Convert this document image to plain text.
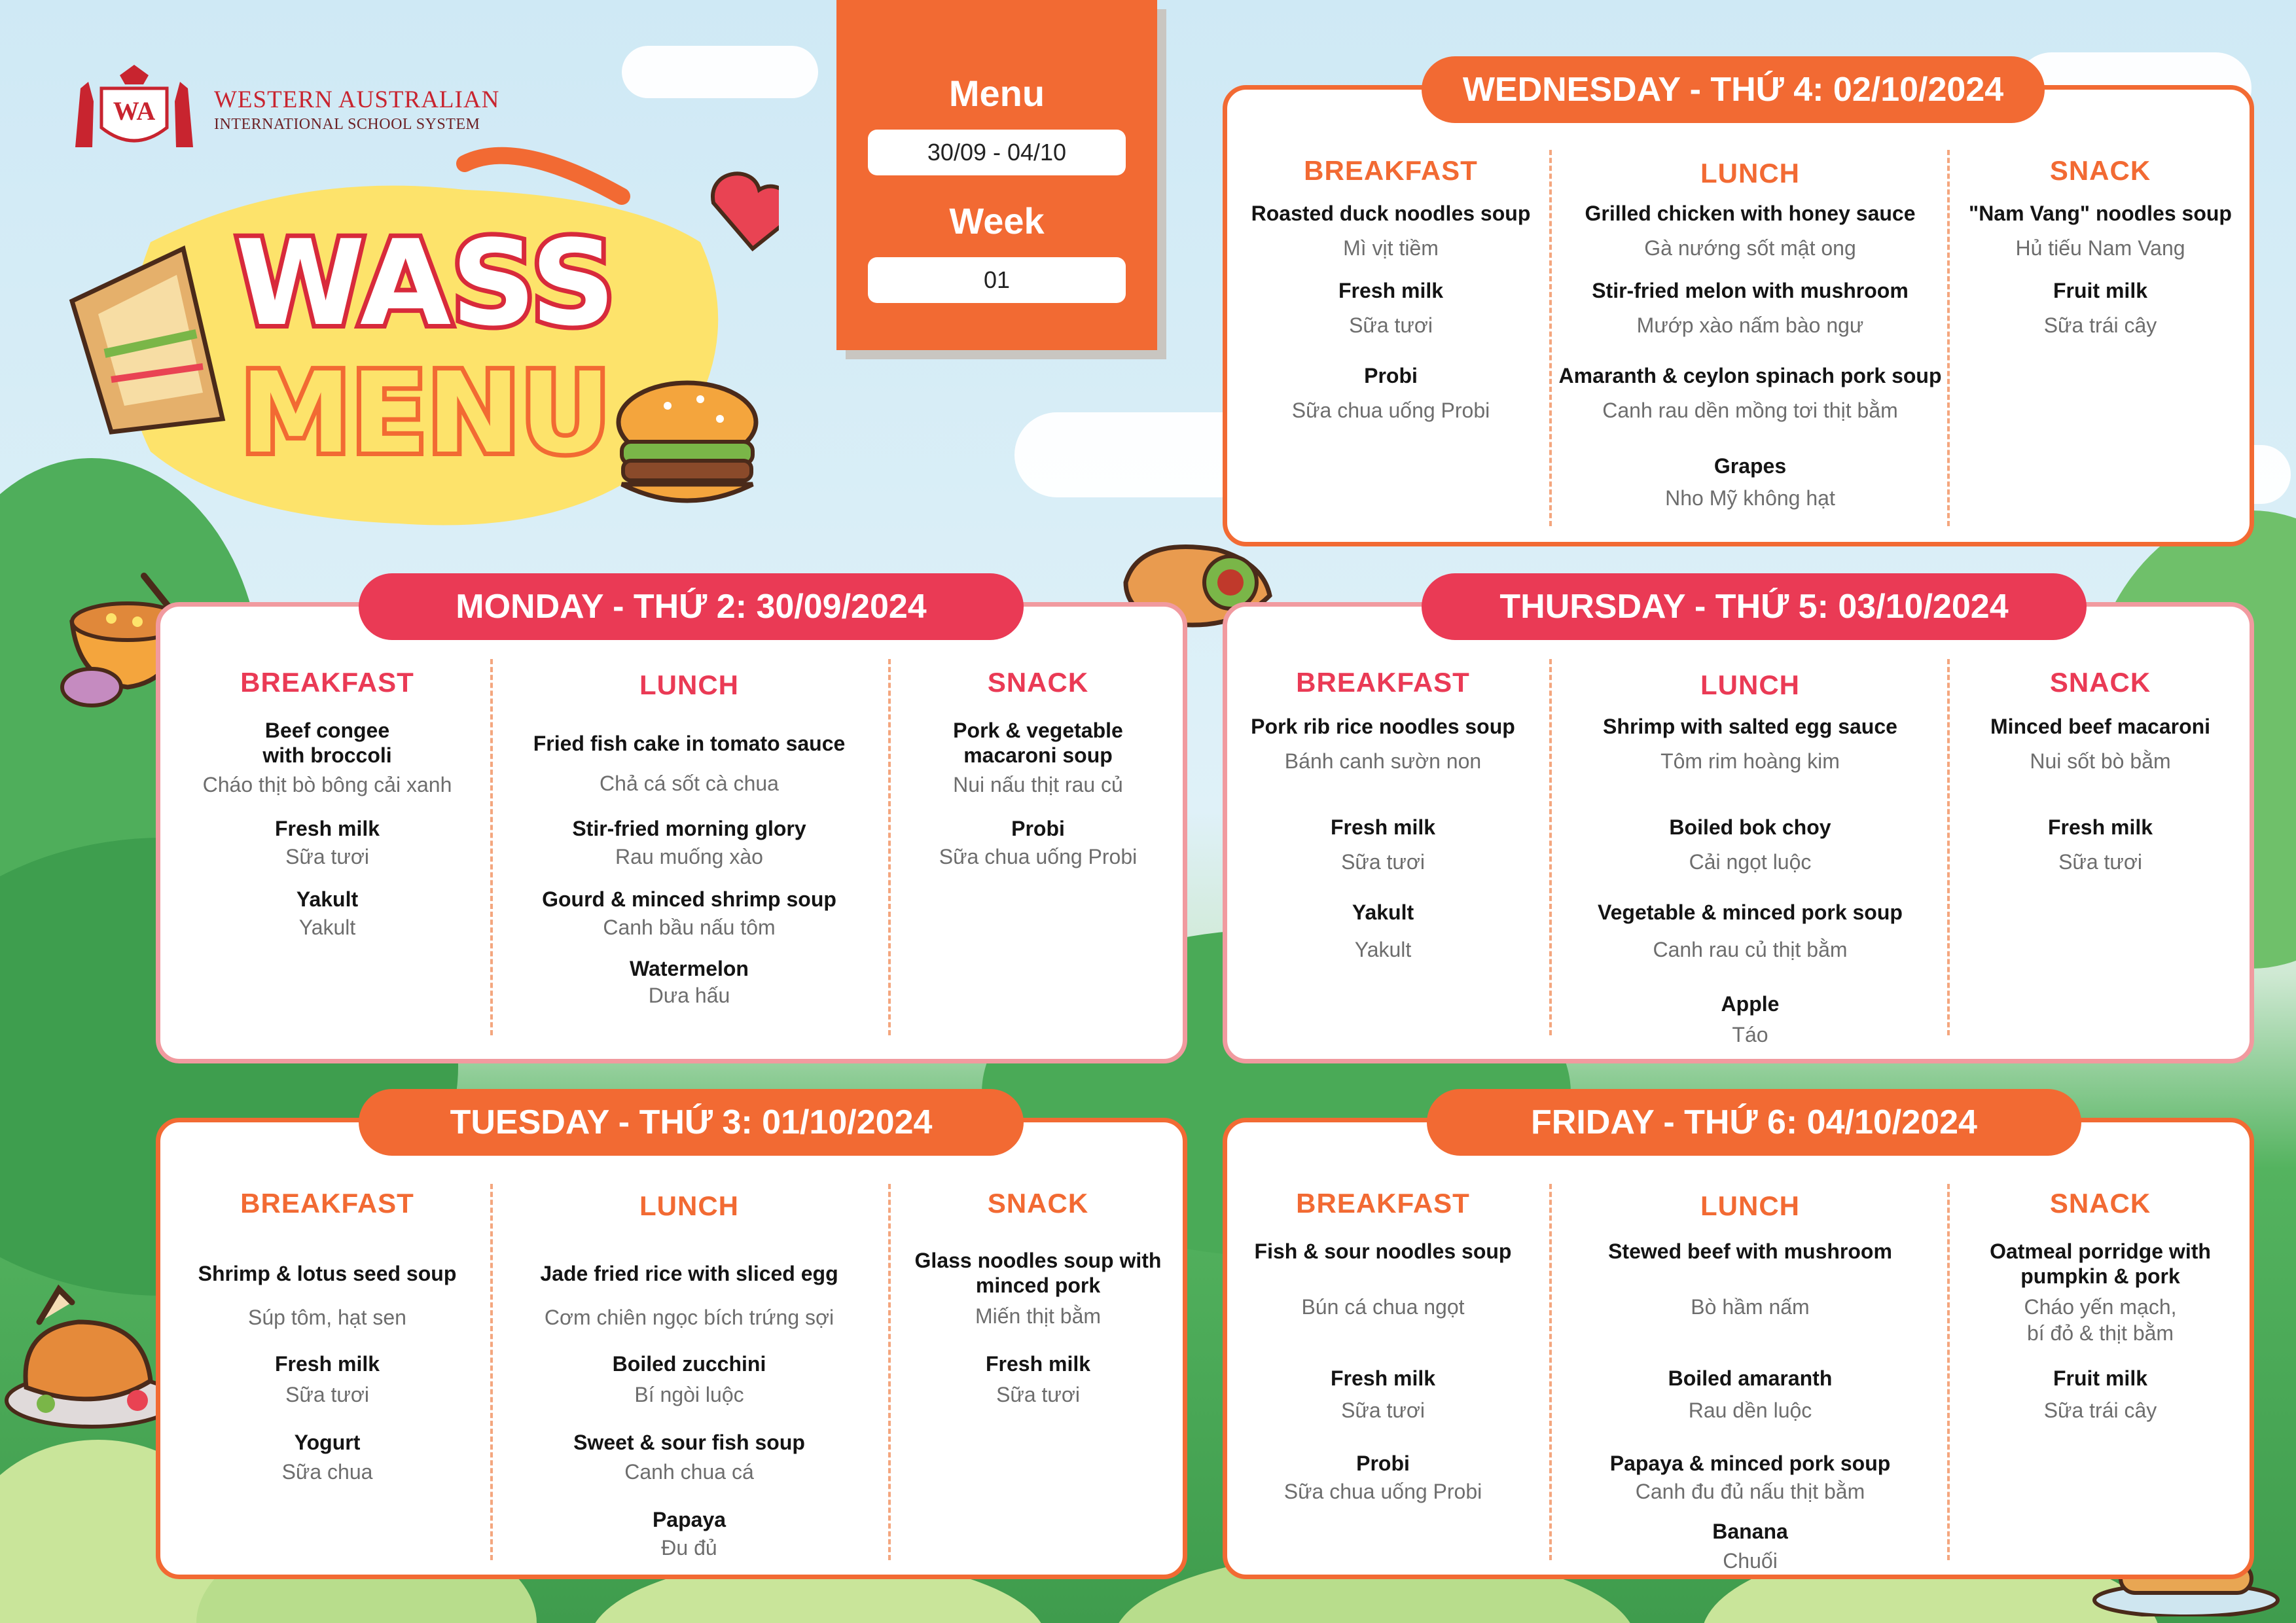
WA WESTERN AUSTRALIAN
INTERNATIONAL SCHOOL SYSTEM
WASS
MENU
Menu
30/09 - 04/10
Week
01
BREAKFAST
Roasted duck noodles soup
Mì vịt tiềm
Fresh milk
Sữa tươi
Probi
Sữa chua uống Probi
LUNCH
Grilled chicken with honey sauce
Gà nướng sốt mật ong
Stir-fried melon with mushroom
Mướp xào nấm bào ngư
Amaranth & ceylon spinach pork soup
Canh rau dền mồng tơi thịt bằm
Grapes
Nho Mỹ không hạt
SNACK
"Nam Vang" noodles soup
Hủ tiếu Nam Vang
Fruit milk
Sữa trái cây
WEDNESDAY - THỨ 4: 02/10/2024
BREAKFAST
Beef congee
with broccoli
Cháo thịt bò bông cải xanh
Fresh milk
Sữa tươi
Yakult
Yakult
LUNCH
Fried fish cake in tomato sauce
Chả cá sốt cà chua
Stir-fried morning glory
Rau muống xào
Gourd & minced shrimp soup
Canh bầu nấu tôm
Watermelon
Dưa hấu
SNACK
Pork & vegetable
macaroni soup
Nui nấu thịt rau củ
Probi
Sữa chua uống Probi
MONDAY - THỨ 2: 30/09/2024
BREAKFAST
Pork rib rice noodles soup
Bánh canh sườn non
Fresh milk
Sữa tươi
Yakult
Yakult
LUNCH
Shrimp with salted egg sauce
Tôm rim hoàng kim
Boiled bok choy
Cải ngọt luộc
Vegetable & minced pork soup
Canh rau củ thịt bằm
Apple
Táo
SNACK
Minced beef macaroni
Nui sốt bò bằm
Fresh milk
Sữa tươi
THURSDAY - THỨ 5: 03/10/2024
BREAKFAST
Shrimp & lotus seed soup
Súp tôm, hạt sen
Fresh milk
Sữa tươi
Yogurt
Sữa chua
LUNCH
Jade fried rice with sliced egg
Cơm chiên ngọc bích trứng sợi
Boiled zucchini
Bí ngòi luộc
Sweet & sour fish soup
Canh chua cá
Papaya
Đu đủ
SNACK
Glass noodles soup with
minced pork
Miến thịt bằm
Fresh milk
Sữa tươi
TUESDAY - THỨ 3: 01/10/2024
BREAKFAST
Fish & sour noodles soup
Bún cá chua ngọt
Fresh milk
Sữa tươi
Probi
Sữa chua uống Probi
LUNCH
Stewed beef with mushroom
Bò hầm nấm
Boiled amaranth
Rau dền luộc
Papaya & minced pork soup
Canh đu đủ nấu thịt bằm
Banana
Chuối
SNACK
Oatmeal porridge with
pumpkin & pork
Cháo yến mạch,
bí đỏ & thịt bằm
Fruit milk
Sữa trái cây
FRIDAY - THỨ 6: 04/10/2024
